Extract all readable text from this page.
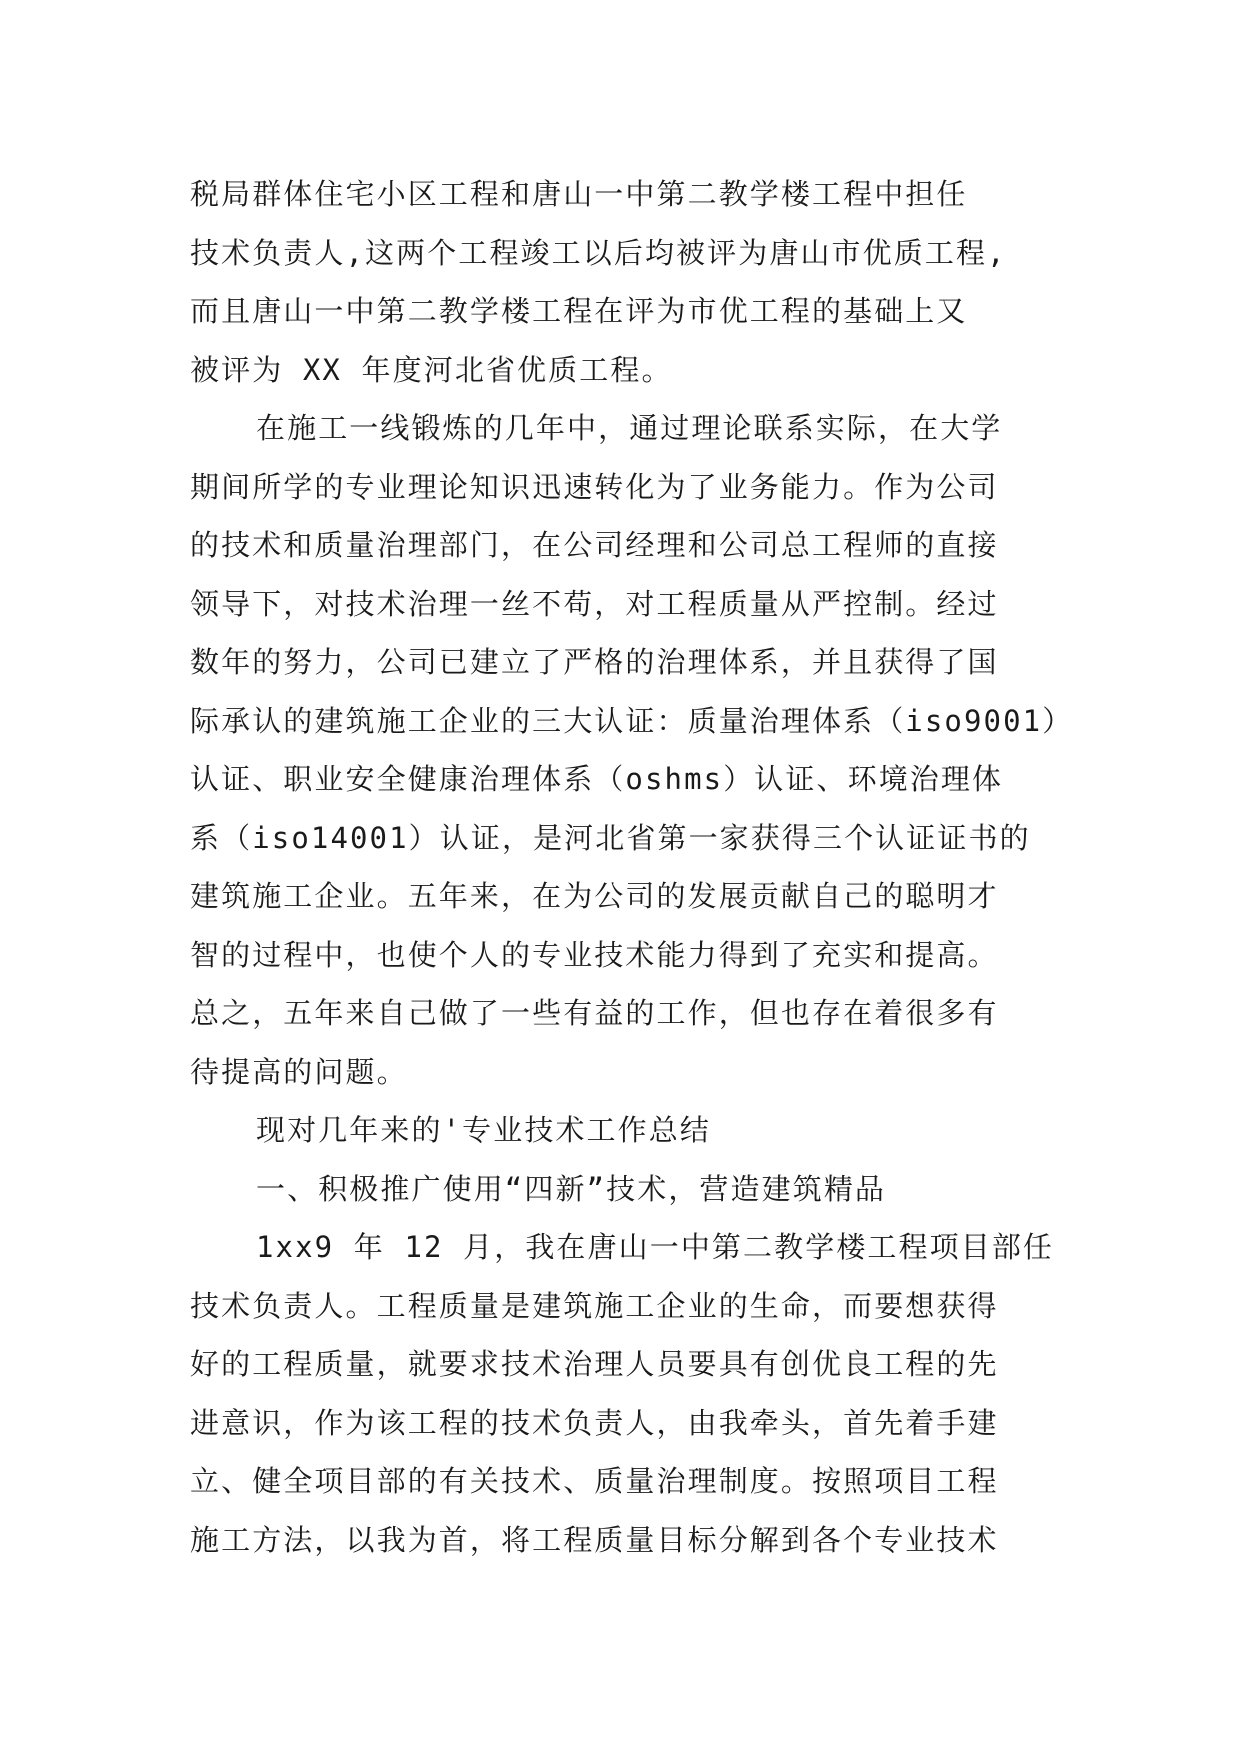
税局群体住宅小区工程和唐山一中第二教学楼工程中担任
技术负责人,这两个工程竣工以后均被评为唐山市优质工程,
而且唐山一中第二教学楼工程在评为市优工程的基础上又
被评为 XX 年度河北省优质工程。
在施工一线锻炼的几年中，通过理论联系实际，在大学
期间所学的专业理论知识迅速转化为了业务能力。作为公司
的技术和质量治理部门，在公司经理和公司总工程师的直接
领导下，对技术治理一丝不苟，对工程质量从严控制。经过
数年的努力，公司已建立了严格的治理体系，并且获得了国
际承认的建筑施工企业的三大认证：质量治理体系（iso9001）
认证、职业安全健康治理体系（oshms）认证、环境治理体
系（iso14001）认证，是河北省第一家获得三个认证证书的
建筑施工企业。五年来，在为公司的发展贡献自己的聪明才
智的过程中，也使个人的专业技术能力得到了充实和提高。
总之，五年来自己做了一些有益的工作，但也存在着很多有
待提高的问题。
现对几年来的'专业技术工作总结
一、积极推广使用“四新”技术，营造建筑精品
1xx9 年 12 月，我在唐山一中第二教学楼工程项目部任
技术负责人。工程质量是建筑施工企业的生命，而要想获得
好的工程质量，就要求技术治理人员要具有创优良工程的先
进意识，作为该工程的技术负责人，由我牵头，首先着手建
立、健全项目部的有关技术、质量治理制度。按照项目工程
施工方法，以我为首，将工程质量目标分解到各个专业技术
